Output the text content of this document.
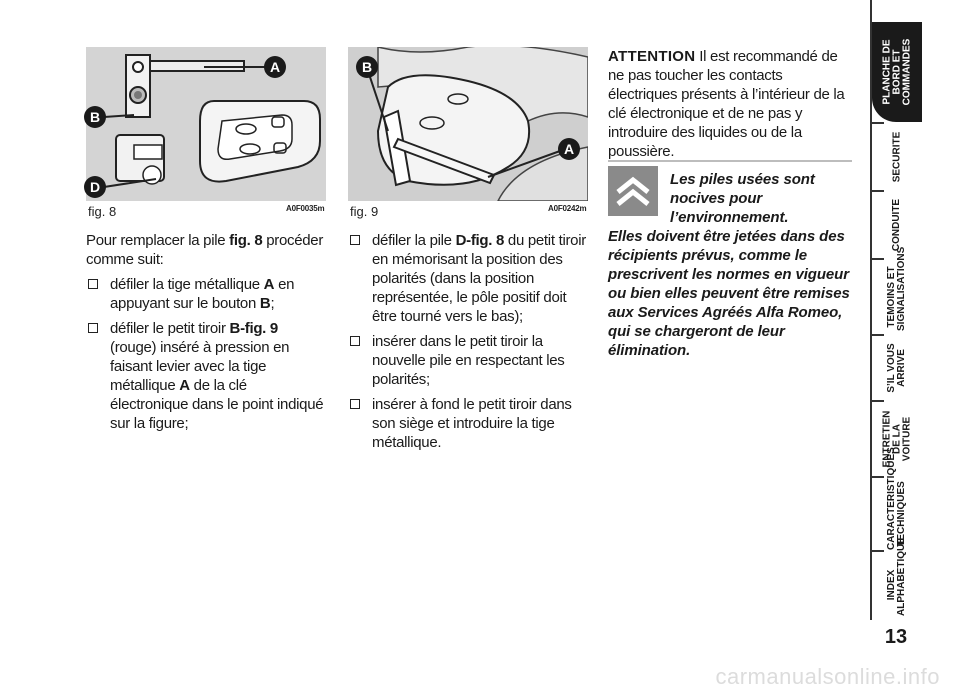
A
B
D
fig. 8	A0F0035m
B
A
fig. 9	A0F0242m

Pour remplacer la pile fig. 8 procéder comme suit:

défiler la tige métallique A en appuyant sur le bouton B;
défiler le petit tiroir B-fig. 9 (rouge) inséré à pression en faisant levier avec la tige métallique A de la clé électronique dans le point indiqué sur la figure;
défiler la pile D-fig. 8 du petit tiroir en mémorisant la position des polarités (dans la position représentée, le pôle positif doit être tourné vers le bas);
insérer dans le petit tiroir la nouvelle pile en respectant les polarités;
insérer à fond le petit tiroir dans son siège et introduire la tige métallique.

ATTENTION Il est recommandé de ne pas toucher les contacts électriques présents à l’intérieur de la clé électronique et de ne pas y introduire des liquides ou de la poussière.

Les piles usées sont nocives pour l’environnement.
Elles doivent être jetées dans des récipients prévus, comme le prescrivent les normes en vigueur ou bien elles peuvent être remises aux Services Agréés Alfa Romeo, qui se chargeront de leur élimination.
PLANCHE DE BORD ET COMMANDES
SECURITE
CONDUITE
TEMOINS ET SIGNALISATIONS
S’IL VOUS ARRIVE
ENTRETIEN DE LA VOITURE
CARACTERISTIQUES TECHNIQUES
INDEX ALPHABETIQUE
13
carmanualsonline.info
